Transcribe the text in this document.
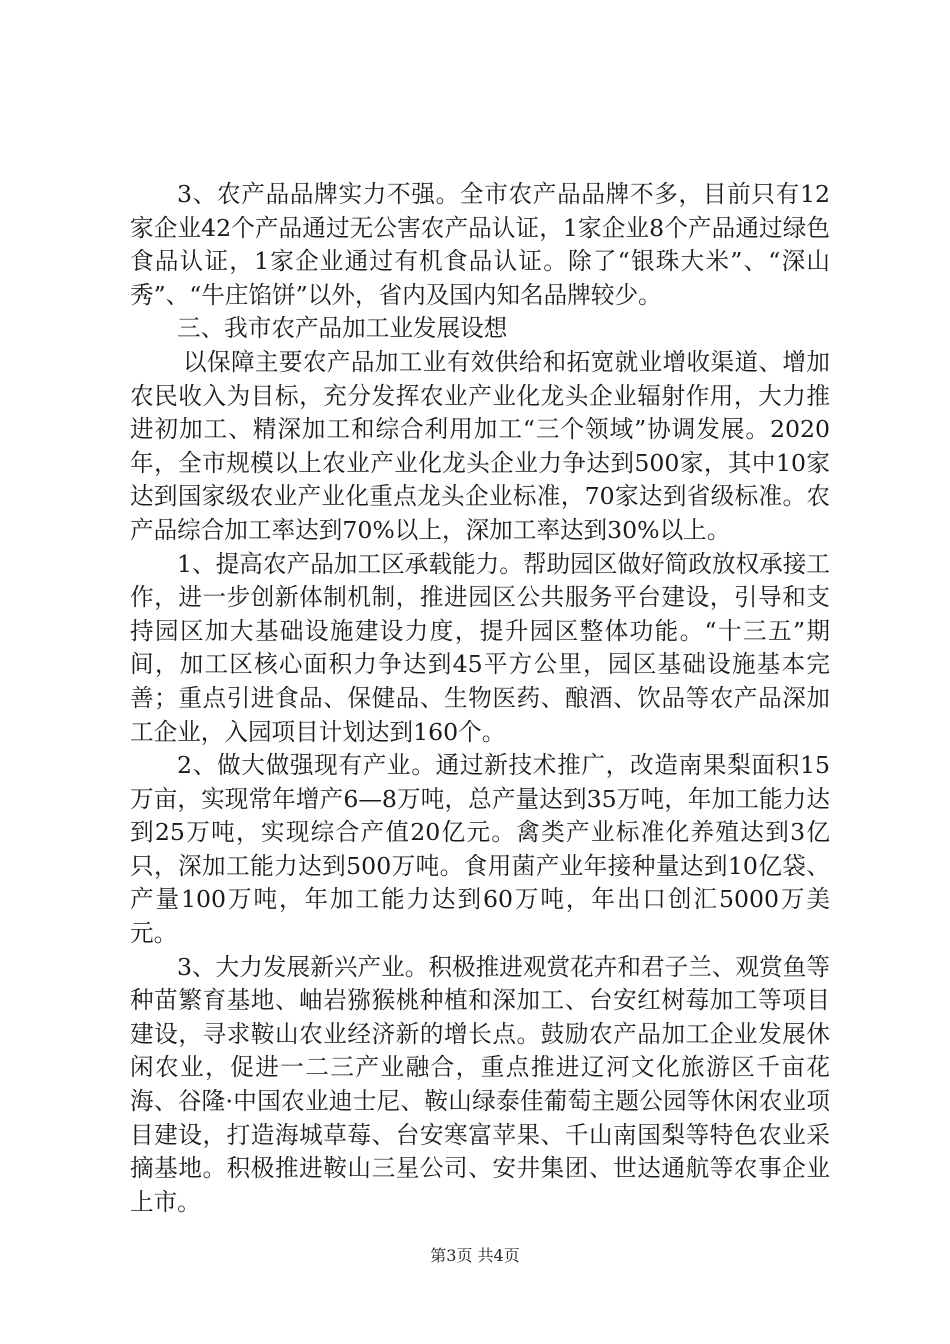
3、农产品品牌实力不强。全市农产品品牌不多，目前只有12家企业42个产品通过无公害农产品认证，1家企业8个产品通过绿色食品认证，1家企业通过有机食品认证。除了“银珠大米”、“深山秀”、“牛庄馅饼”以外，省内及国内知名品牌较少。

三、我市农产品加工业发展设想

以保障主要农产品加工业有效供给和拓宽就业增收渠道、增加农民收入为目标，充分发挥农业产业化龙头企业辐射作用，大力推进初加工、精深加工和综合利用加工“三个领域”协调发展。2020年，全市规模以上农业产业化龙头企业力争达到500家，其中10家达到国家级农业产业化重点龙头企业标准，70家达到省级标准。农产品综合加工率达到70%以上，深加工率达到30%以上。

1、提高农产品加工区承载能力。帮助园区做好简政放权承接工作，进一步创新体制机制，推进园区公共服务平台建设，引导和支持园区加大基础设施建设力度，提升园区整体功能。“十三五”期间，加工区核心面积力争达到45平方公里，园区基础设施基本完善；重点引进食品、保健品、生物医药、酿酒、饮品等农产品深加工企业，入园项目计划达到160个。

2、做大做强现有产业。通过新技术推广，改造南果梨面积15万亩，实现常年增产6—8万吨，总产量达到35万吨，年加工能力达到25万吨，实现综合产值20亿元。禽类产业标准化养殖达到3亿只，深加工能力达到500万吨。食用菌产业年接种量达到10亿袋、产量100万吨，年加工能力达到60万吨，年出口创汇5000万美元。

3、大力发展新兴产业。积极推进观赏花卉和君子兰、观赏鱼等种苗繁育基地、岫岩猕猴桃种植和深加工、台安红树莓加工等项目建设，寻求鞍山农业经济新的增长点。鼓励农产品加工企业发展休闲农业，促进一二三产业融合，重点推进辽河文化旅游区千亩花海、谷隆·中国农业迪士尼、鞍山绿泰佳葡萄主题公园等休闲农业项目建设，打造海城草莓、台安寒富苹果、千山南国梨等特色农业采摘基地。积极推进鞍山三星公司、安井集团、世达通航等农事企业上市。

第3页 共4页
